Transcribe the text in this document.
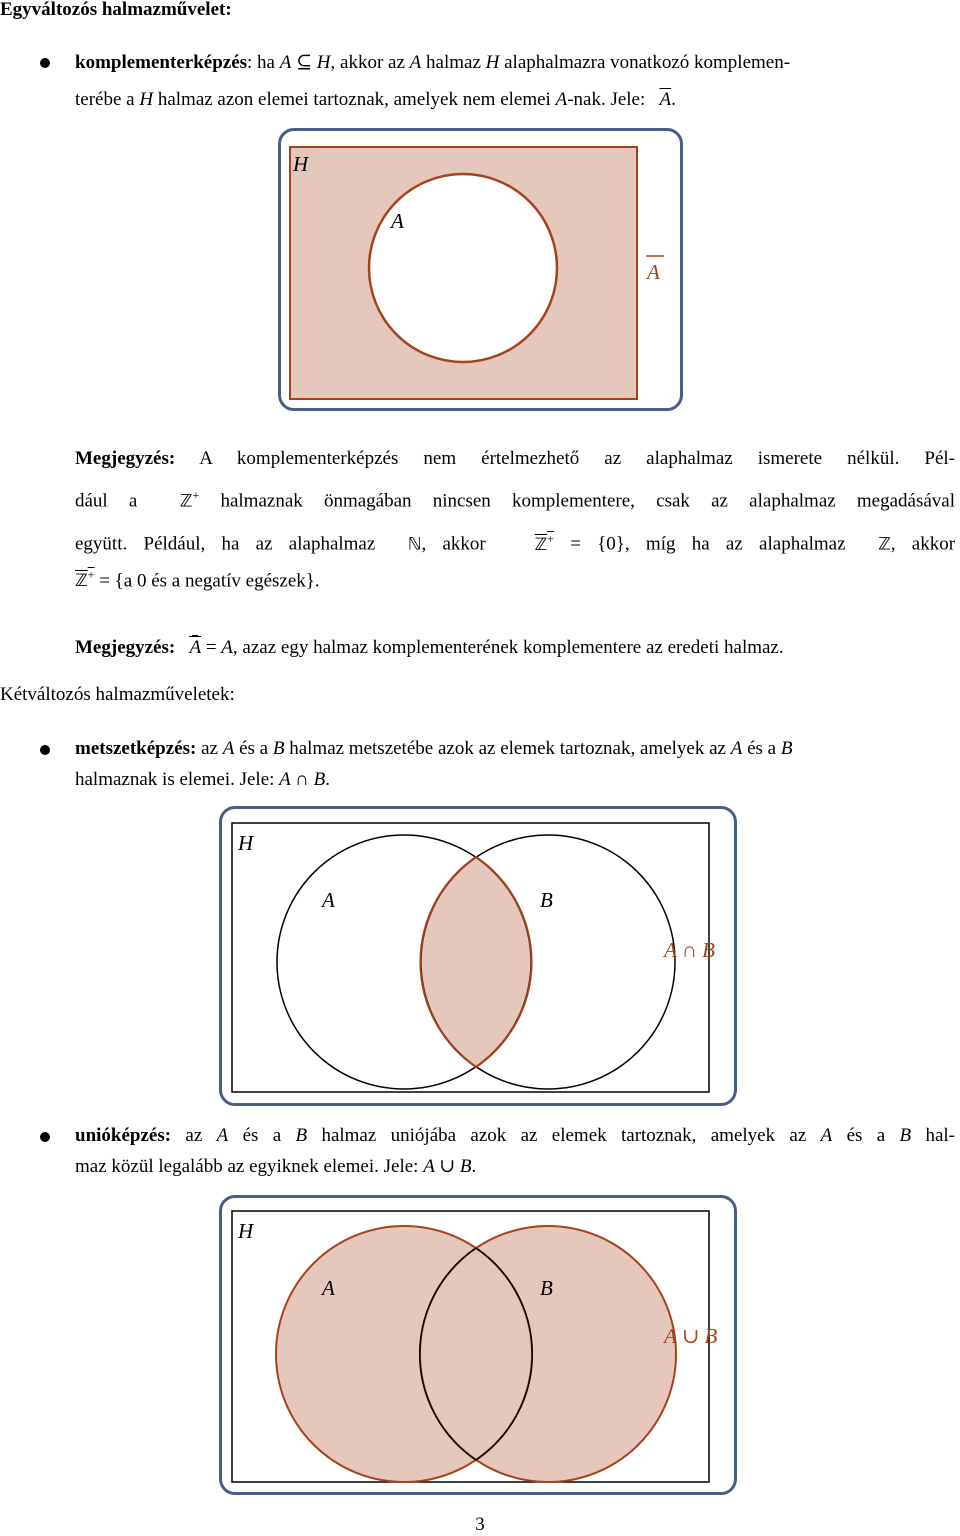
Egyváltozós halmazművelet:
komplementerképzés: ha A ⊆ H, akkor az A halmaz H alaphalmazra vonatkozó komplemen-
terébe a H halmaz azon elemei tartoznak, amelyek nem elemei A-nak. Jele:   $\overline{A}$.
H
A
A
Megjegyzés: A komplementerképzés nem értelmezhető az alaphalmaz ismerete nélkül. Pél-
dául a  ℤ+ halmaznak önmagában nincsen komplementere, csak az alaphalmaz megadásával
együtt. Például, ha az alaphalmaz  ℕ, akkor   ℤ+ = {0}, míg ha az alaphalmaz  ℤ, akkor
ℤ+ = {a 0 és a negatív egészek}.
Megjegyzés: A = A, azaz egy halmaz komplementerének komplementere az eredeti halmaz.
Kétváltozós halmazműveletek:
metszetképzés: az A és a B halmaz metszetébe azok az elemek tartoznak, amelyek az A és a B
halmaznak is elemei. Jele: A ∩ B.
H
A	B
A ∩ B
unióképzés: az A és a B halmaz uniójába azok az elemek tartoznak, amelyek az A és a B hal-
maz közül legalább az egyiknek elemei. Jele: A ∪ B.
H
A	B
A ∪ B
3
